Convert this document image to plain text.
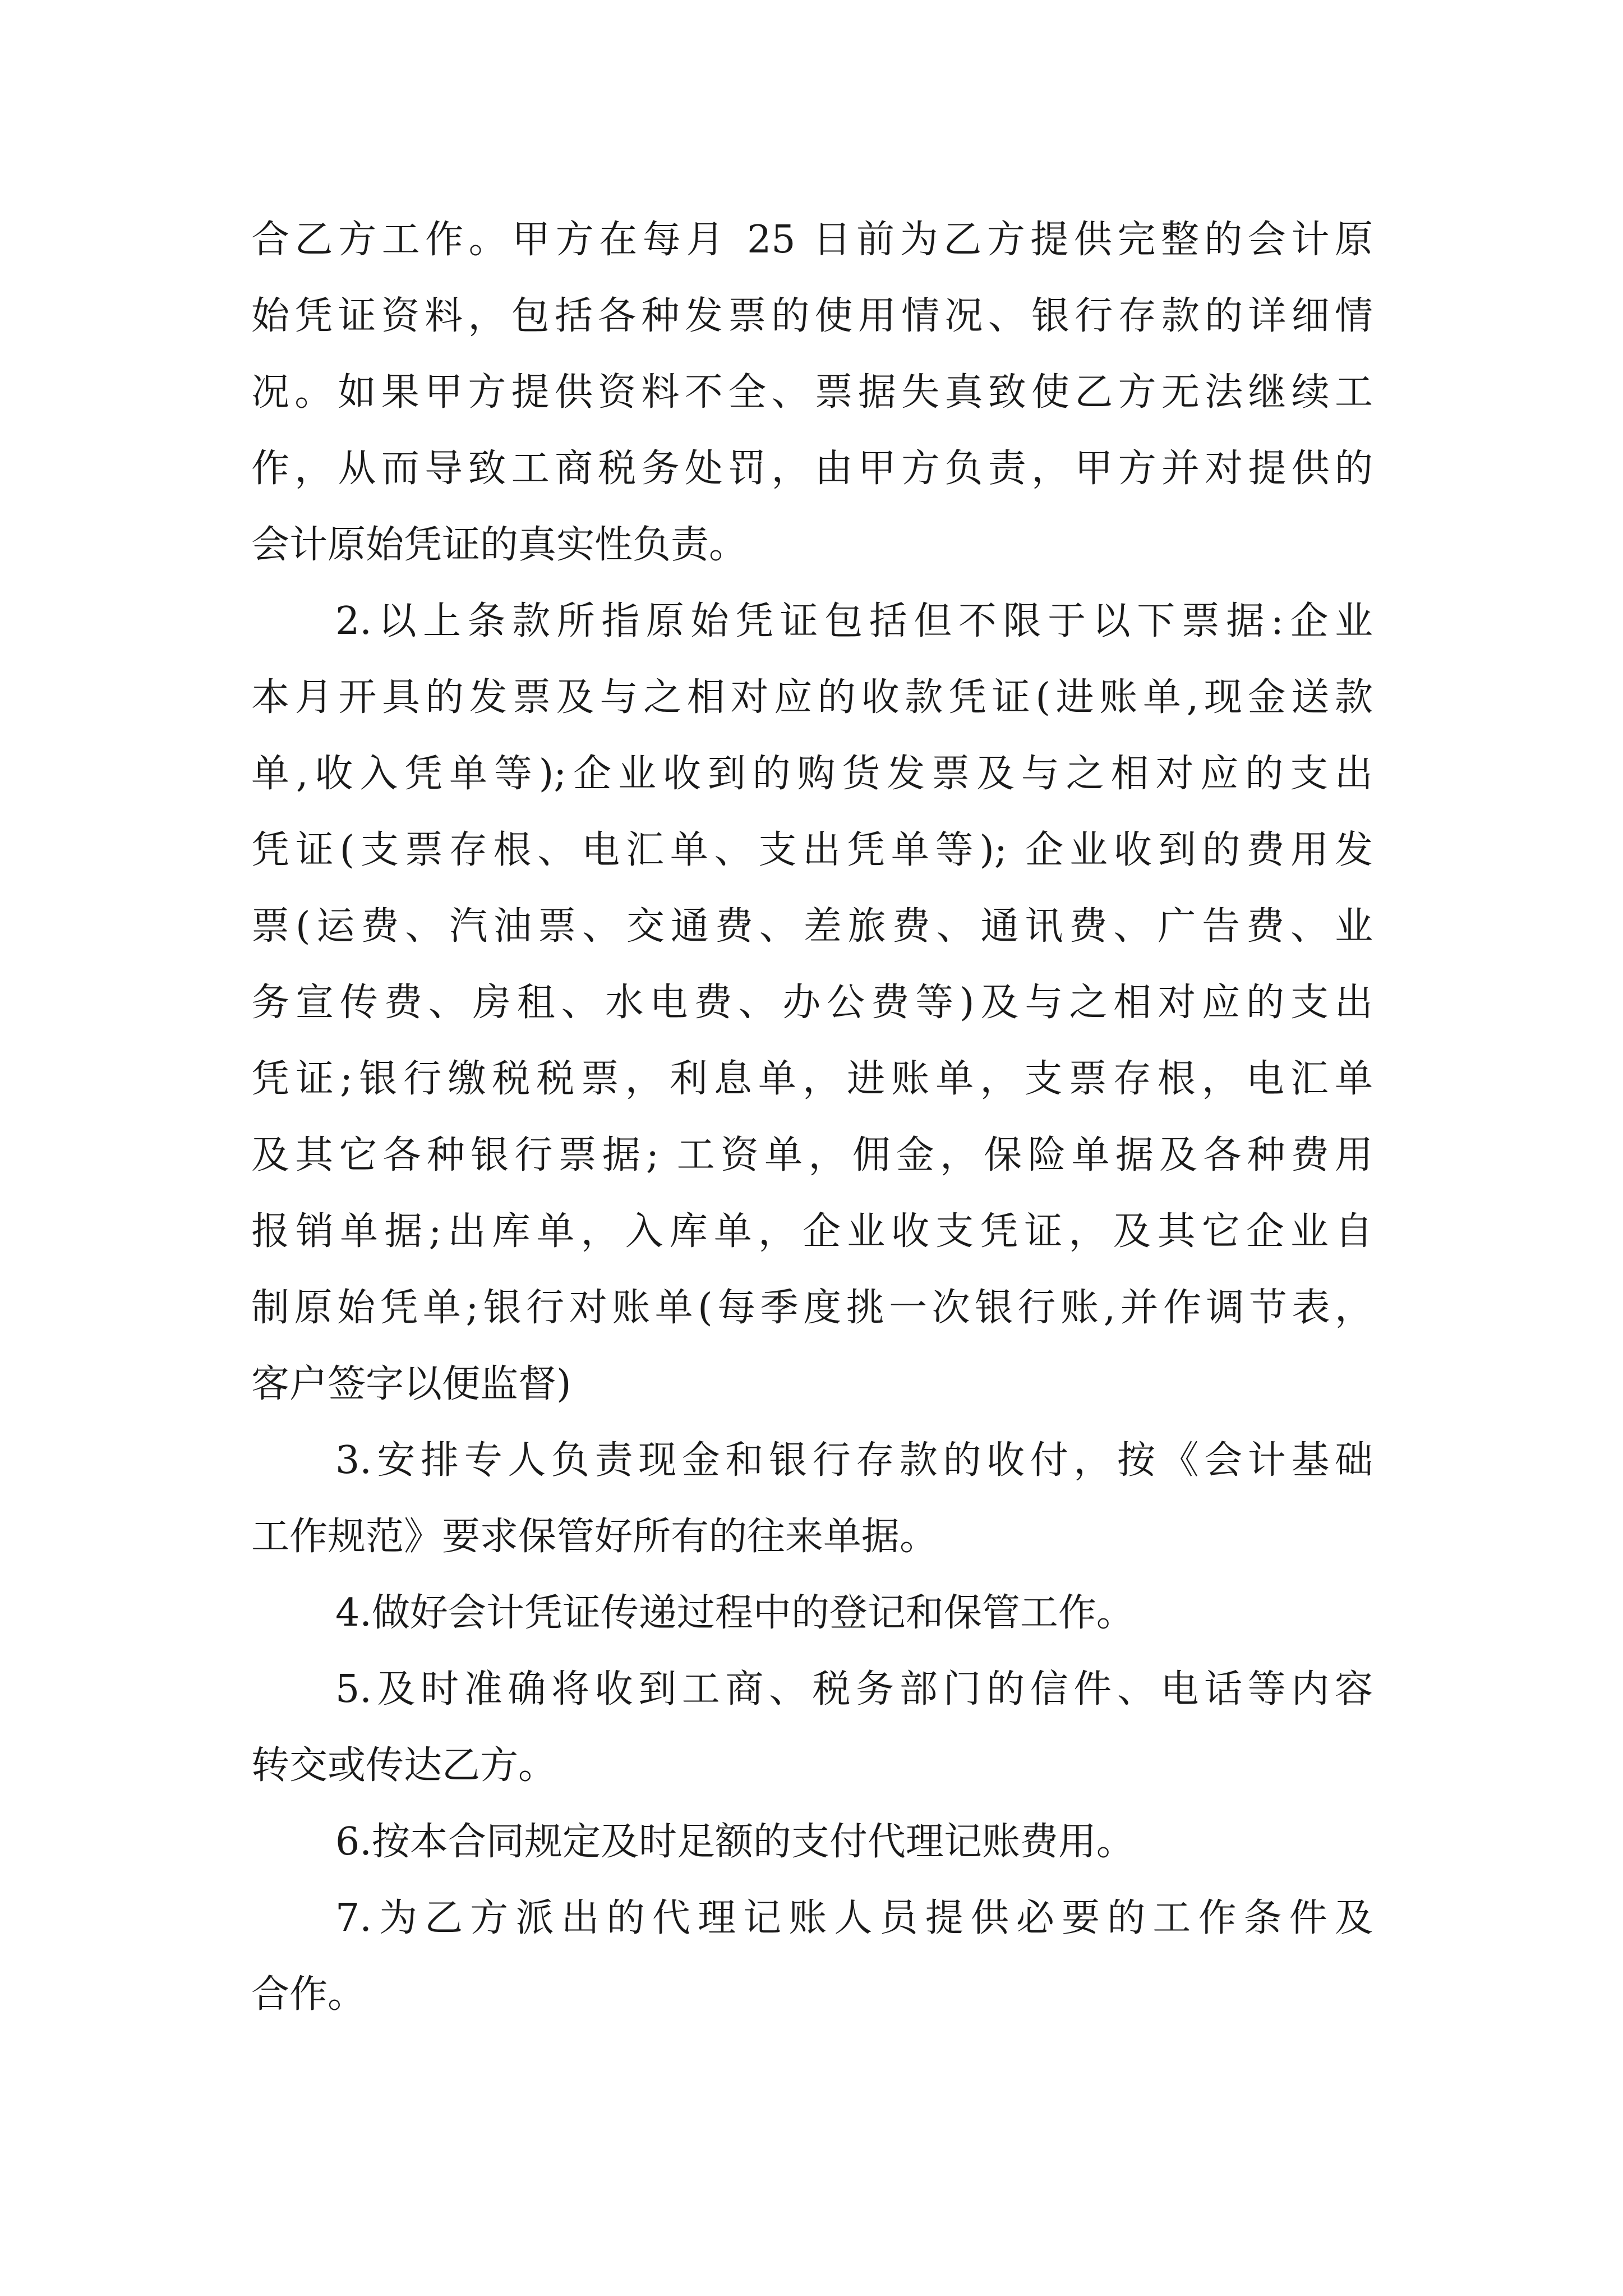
合乙方工作。甲方在每月 25 日前为乙方提供完整的会计原
始凭证资料，包括各种发票的使用情况、银行存款的详细情
况。如果甲方提供资料不全、票据失真致使乙方无法继续工
作，从而导致工商税务处罚，由甲方负责，甲方并对提供的
会计原始凭证的真实性负责。
2.以上条款所指原始凭证包括但不限于以下票据:企业
本月开具的发票及与之相对应的收款凭证(进账单,现金送款
单,收入凭单等);企业收到的购货发票及与之相对应的支出
凭证(支票存根、电汇单、支出凭单等); 企业收到的费用发
票(运费、汽油票、交通费、差旅费、通讯费、广告费、业
务宣传费、房租、水电费、办公费等)及与之相对应的支出
凭证;银行缴税税票，利息单，进账单，支票存根，电汇单
及其它各种银行票据; 工资单，佣金，保险单据及各种费用
报销单据;出库单，入库单，企业收支凭证，及其它企业自
制原始凭单;银行对账单(每季度挑一次银行账,并作调节表，
客户签字以便监督)
3.安排专人负责现金和银行存款的收付，按《会计基础
工作规范》要求保管好所有的往来单据。
4.做好会计凭证传递过程中的登记和保管工作。
5.及时准确将收到工商、税务部门的信件、电话等内容
转交或传达乙方。
6.按本合同规定及时足额的支付代理记账费用。
7.为乙方派出的代理记账人员提供必要的工作条件及
合作。
